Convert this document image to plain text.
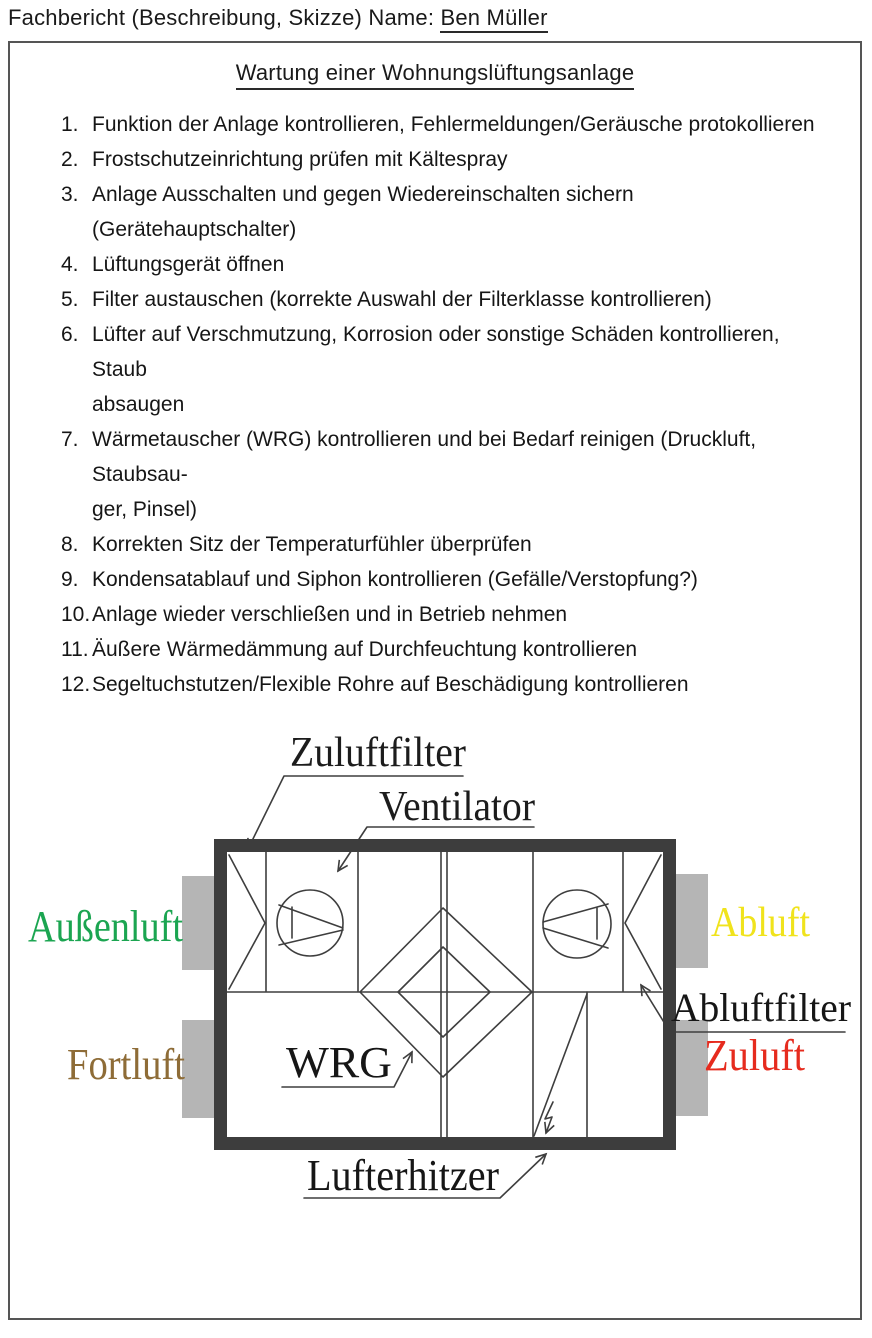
Fachbericht (Beschreibung, Skizze) Name: Ben Müller
Wartung einer Wohnungslüftungsanlage
1. Funktion der Anlage kontrollieren, Fehlermeldungen/Geräusche protokollieren
2. Frostschutzeinrichtung prüfen mit Kältespray
3. Anlage Ausschalten und gegen Wiedereinschalten sichern (Gerätehauptschalter)
4. Lüftungsgerät öffnen
5. Filter austauschen (korrekte Auswahl der Filterklasse kontrollieren)
6. Lüfter auf Verschmutzung, Korrosion oder sonstige Schäden kontrollieren, Staub
absaugen
7. Wärmetauscher (WRG) kontrollieren und bei Bedarf reinigen (Druckluft, Staubsau-
ger, Pinsel)
8. Korrekten Sitz der Temperaturfühler überprüfen
9. Kondensatablauf und Siphon kontrollieren (Gefälle/Verstopfung?)
10. Anlage wieder verschließen und in Betrieb nehmen
11. Äußere Wärmedämmung auf Durchfeuchtung kontrollieren
12. Segeltuchstutzen/Flexible Rohre auf Beschädigung kontrollieren
Zuluftfilter
Ventilator
Außenluft	Abluft
Abluftfilter
Fortluft	Zuluft
WRG
Lufterhitzer
